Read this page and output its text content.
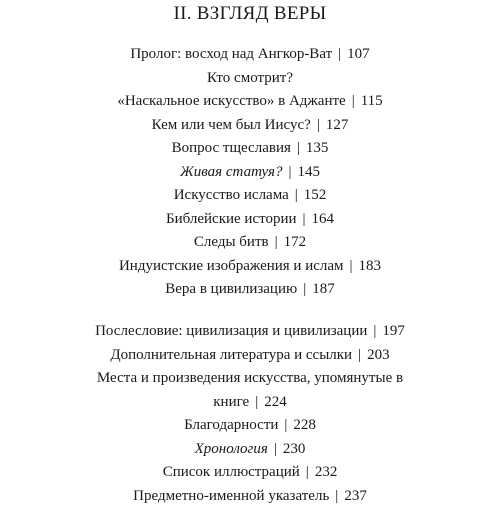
II. ВЗГЛЯД ВЕРЫ
Пролог: восход над Ангкор-Ват | 107
Кто смотрит?
«Наскальное искусство» в Аджанте | 115
Кем или чем был Иисус? | 127
Вопрос тщеславия | 135
Живая статуя? | 145
Искусство ислама | 152
Библейские истории | 164
Следы битв | 172
Индуистские изображения и ислам | 183
Вера в цивилизацию | 187
Послесловие: цивилизация и цивилизации | 197
Дополнительная литература и ссылки | 203
Места и произведения искусства, упомянутые в книге | 224
Благодарности | 228
Хронология | 230
Список иллюстраций | 232
Предметно-именной указатель | 237
